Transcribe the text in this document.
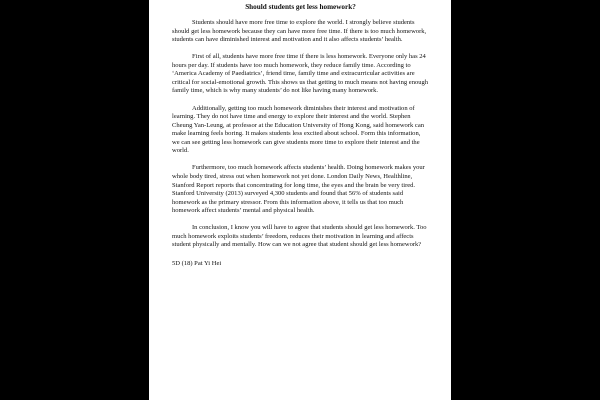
Should students get less homework?

Students should have more free time to explore the world. I strongly believe students should get less homework because they can have more free time. If there is too much homework, students can have diminished interest and motivation and it also affects students’ health.

First of all, students have more free time if there is less homework. Everyone only has 24 hours per day. If students have too much homework, they reduce family time. According to ‘America Academy of Paediatrics’, friend time, family time and extracurricular activities are critical for social-emotional growth. This shows us that getting to much means not having enough family time, which is why many students’ do not like having many homework.

Additionally, getting too much homework diminishes their interest and motivation of learning. They do not have time and energy to explore their interest and the world. Stephen Cheung Yan-Leung, at professor at the Education University of Hong Kong, said homework can make learning feels boring. It makes students less excited about school. Form this information, we can see getting less homework can give students more time to explore their interest and the world.

Furthermore, too much homework affects students’ health. Doing homework makes your whole body tired, stress out when homework not yet done. London Daily News, Healthline, Stanford Report reports that concentrating for long time, the eyes and the brain be very tired. Stanford University (2013) surveyed 4,300 students and found that 56% of students said homework as the primary stressor. From this information above, it tells us that too much homework affect students’ mental and physical health.

In conclusion, I know you will have to agree that students should get less homework. Too much homework exploits students’ freedom, reduces their motivation in learning and affects student physically and mentally. How can we not agree that student should get less homework?

5D (18) Pat Yi Hei
